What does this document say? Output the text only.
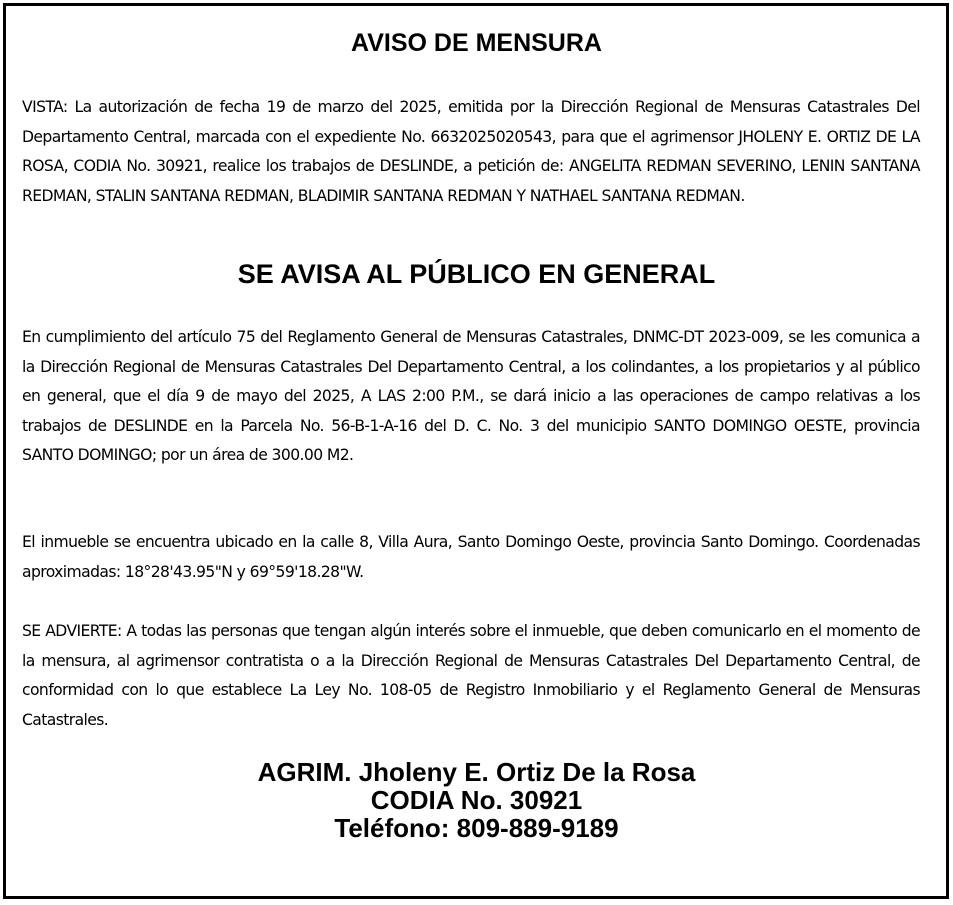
AVISO DE MENSURA
VISTA: La autorización de fecha 19 de marzo del 2025, emitida por la Dirección Regional de Mensuras Catastrales Del Departamento Central, marcada con el expediente No. 6632025020543, para que el agrimensor JHOLENY E. ORTIZ DE LA ROSA, CODIA No. 30921, realice los trabajos de DESLINDE, a petición de: ANGELITA REDMAN SEVERINO, LENIN SANTANA REDMAN, STALIN SANTANA REDMAN, BLADIMIR SANTANA REDMAN Y NATHAEL SANTANA REDMAN.
SE AVISA AL PÚBLICO EN GENERAL
En cumplimiento del artículo 75 del Reglamento General de Mensuras Catastrales, DNMC-DT 2023-009, se les comunica a la Dirección Regional de Mensuras Catastrales Del Departamento Central, a los colindantes, a los propietarios y al público en general, que el día 9 de mayo del 2025, A LAS 2:00 P.M., se dará inicio a las operaciones de campo relativas a los trabajos de DESLINDE en la Parcela No. 56-B-1-A-16 del D. C. No. 3 del municipio SANTO DOMINGO OESTE, provincia SANTO DOMINGO; por un área de 300.00 M2.
El inmueble se encuentra ubicado en la calle 8, Villa Aura, Santo Domingo Oeste, provincia Santo Domingo. Coordenadas aproximadas: 18°28'43.95"N y 69°59'18.28"W.
SE ADVIERTE: A todas las personas que tengan algún interés sobre el inmueble, que deben comunicarlo en el momento de la mensura, al agrimensor contratista o a la Dirección Regional de Mensuras Catastrales Del Departamento Central, de conformidad con lo que establece La Ley No. 108-05 de Registro Inmobiliario y el Reglamento General de Mensuras Catastrales.
AGRIM. Jholeny E. Ortiz De la Rosa
CODIA No. 30921
Teléfono: 809-889-9189
